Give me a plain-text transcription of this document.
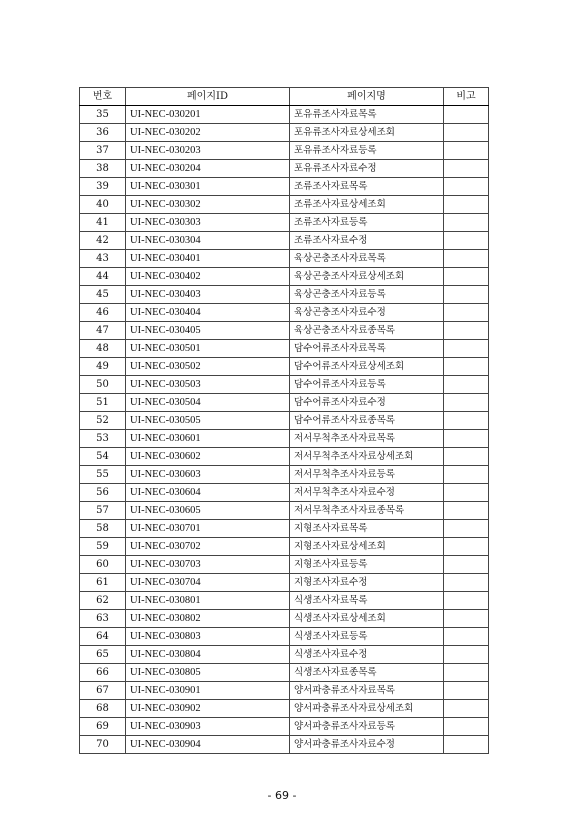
번호	페이지ID	페이지명	비고
35	UI-NEC-030201	포유류조사자료목록	
36	UI-NEC-030202	포유류조사자료상세조회	
37	UI-NEC-030203	포유류조사자료등록	
38	UI-NEC-030204	포유류조사자료수정	
39	UI-NEC-030301	조류조사자료목록	
40	UI-NEC-030302	조류조사자료상세조회	
41	UI-NEC-030303	조류조사자료등록	
42	UI-NEC-030304	조류조사자료수정	
43	UI-NEC-030401	육상곤충조사자료목록	
44	UI-NEC-030402	육상곤충조사자료상세조회	
45	UI-NEC-030403	육상곤충조사자료등록	
46	UI-NEC-030404	육상곤충조사자료수정	
47	UI-NEC-030405	육상곤충조사자료종목록	
48	UI-NEC-030501	담수어류조사자료목록	
49	UI-NEC-030502	담수어류조사자료상세조회	
50	UI-NEC-030503	담수어류조사자료등록	
51	UI-NEC-030504	담수어류조사자료수정	
52	UI-NEC-030505	담수어류조사자료종목록	
53	UI-NEC-030601	저서무척추조사자료목록	
54	UI-NEC-030602	저서무척추조사자료상세조회	
55	UI-NEC-030603	저서무척추조사자료등록	
56	UI-NEC-030604	저서무척추조사자료수정	
57	UI-NEC-030605	저서무척추조사자료종목록	
58	UI-NEC-030701	지형조사자료목록	
59	UI-NEC-030702	지형조사자료상세조회	
60	UI-NEC-030703	지형조사자료등록	
61	UI-NEC-030704	지형조사자료수정	
62	UI-NEC-030801	식생조사자료목록	
63	UI-NEC-030802	식생조사자료상세조회	
64	UI-NEC-030803	식생조사자료등록	
65	UI-NEC-030804	식생조사자료수정	
66	UI-NEC-030805	식생조사자료종목록	
67	UI-NEC-030901	양서파충류조사자료목록	
68	UI-NEC-030902	양서파충류조사자료상세조회	
69	UI-NEC-030903	양서파충류조사자료등록	
70	UI-NEC-030904	양서파충류조사자료수정	
- 69 -
